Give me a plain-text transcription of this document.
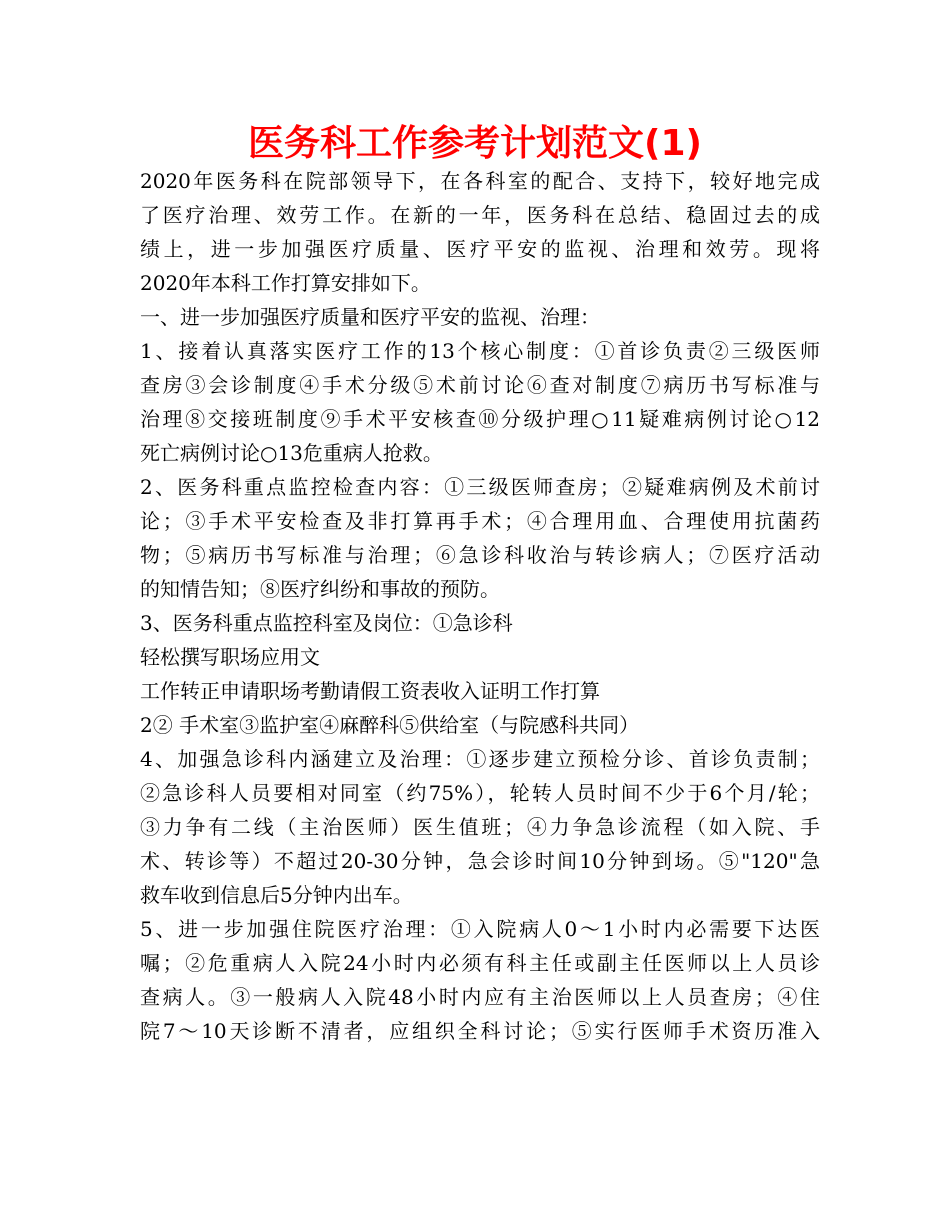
医务科工作参考计划范文(1)
2020年医务科在院部领导下，在各科室的配合、支持下，较好地完成
了医疗治理、效劳工作。在新的一年，医务科在总结、稳固过去的成
绩上，进一步加强医疗质量、医疗平安的监视、治理和效劳。现将
2020年本科工作打算安排如下。
一、进一步加强医疗质量和医疗平安的监视、治理：
1、接着认真落实医疗工作的13个核心制度：①首诊负责②三级医师
查房③会诊制度④手术分级⑤术前讨论⑥查对制度⑦病历书写标准与
治理⑧交接班制度⑨手术平安核查⑩分级护理○11疑难病例讨论○12
死亡病例讨论○13危重病人抢救。
2、医务科重点监控检查内容：①三级医师查房；②疑难病例及术前讨
论；③手术平安检查及非打算再手术；④合理用血、合理使用抗菌药
物；⑤病历书写标准与治理；⑥急诊科收治与转诊病人；⑦医疗活动
的知情告知；⑧医疗纠纷和事故的预防。
3、医务科重点监控科室及岗位：①急诊科
轻松撰写职场应用文
工作转正申请职场考勤请假工资表收入证明工作打算
2② 手术室③监护室④麻醉科⑤供给室（与院感科共同）
4、加强急诊科内涵建立及治理：①逐步建立预检分诊、首诊负责制；
②急诊科人员要相对同室（约75%），轮转人员时间不少于6个月/轮；
③力争有二线（主治医师）医生值班；④力争急诊流程（如入院、手
术、转诊等）不超过20-30分钟，急会诊时间10分钟到场。⑤"120"急
救车收到信息后5分钟内出车。
5、进一步加强住院医疗治理：①入院病人0～1小时内必需要下达医
嘱；②危重病人入院24小时内必须有科主任或副主任医师以上人员诊
查病人。③一般病人入院48小时内应有主治医师以上人员查房；④住
院7～10天诊断不清者，应组织全科讨论；⑤实行医师手术资历准入
